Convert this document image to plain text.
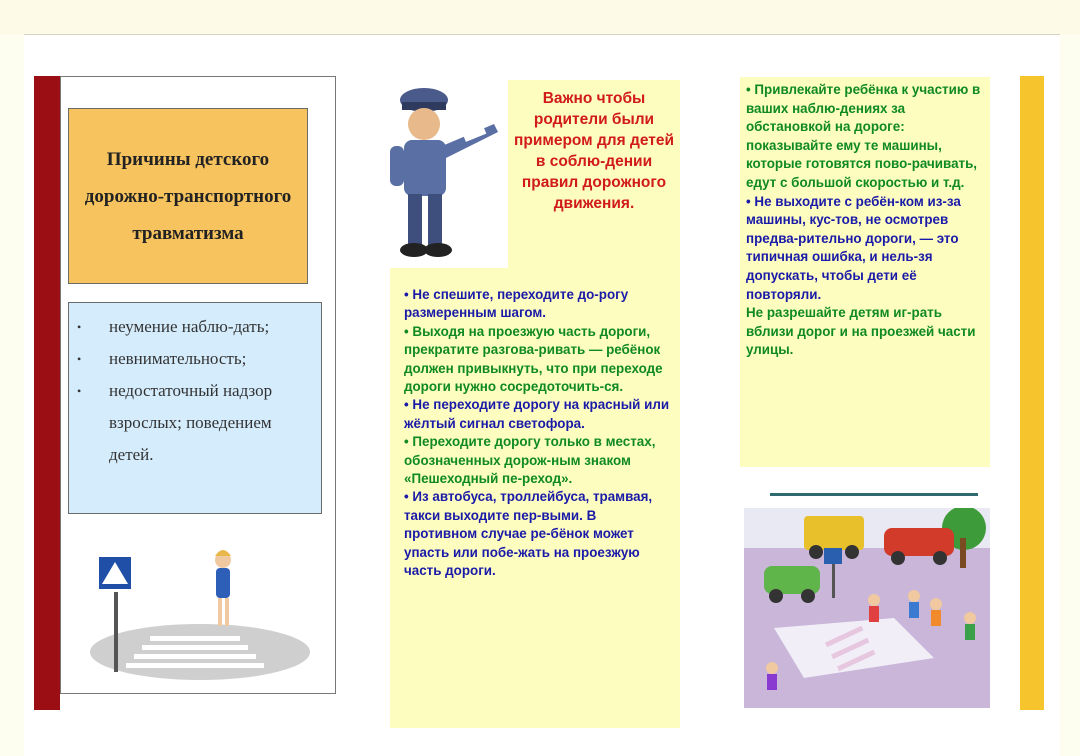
Причины детского дорожно-транспортного травматизма
• неумение наблю-дать;
• невнимательность;
• недостаточный надзор взрослых; поведением детей.

Важно чтобы родители были примером для детей в соблю-дении правил дорожного движения.

• Не спешите, переходите до-рогу размеренным шагом.
• Выходя на проезжую часть дороги, прекратите разгова-ривать — ребёнок должен привыкнуть, что при переходе дороги нужно сосредоточить-ся.
• Не переходите дорогу на красный или жёлтый сигнал светофора.
• Переходите дорогу только в местах, обозначенных дорож-ным знаком «Пешеходный пе-реход».
• Из автобуса, троллейбуса, трамвая, такси выходите пер-выми. В противном случае ре-бёнок может упасть или побе-жать на проезжую часть дороги.

• Привлекайте ребёнка к участию в ваших наблю-дениях за обстановкой на дороге: показывайте ему те машины, которые готовятся пово-рачивать, едут с большой скоростью и т.д.
• Не выходите с ребён-ком из-за машины, кус-тов, не осмотрев предва-рительно дороги, — это типичная ошибка, и нель-зя допускать, чтобы дети её повторяли.
Не разрешайте детям иг-рать вблизи дорог и на проезжей части улицы.
